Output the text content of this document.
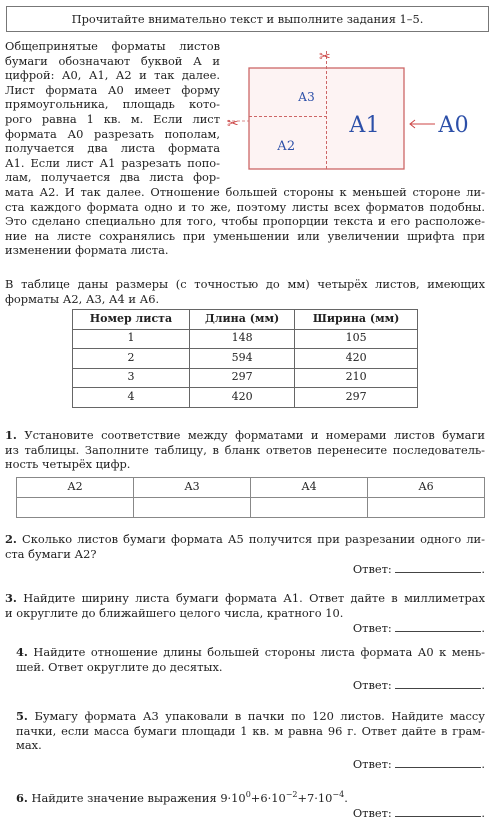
Прочитайте внимательно текст и выполните задания 1–5.
Общепринятые форматы листов
бумаги обозначают буквой А и
цифрой: А0, А1, А2 и так далее.
Лист формата А0 имеет форму
прямоугольника, площадь кото-
рого равна 1 кв. м. Если лист
формата А0 разрезать пополам,
получается два листа формата
А1. Если лист А1 разрезать попо-
лам, получается два листа фор-
мата А2. И так далее. Отношение большей стороны к меньшей стороне ли-
ста каждого формата одно и то же, поэтому листы всех форматов подобны.
Это сделано специально для того, чтобы пропорции текста и его расположе-
ние на листе сохранялись при уменьшении или увеличении шрифта при
изменении формата листа.
✂
✂
А3
А2
А1	А0
В таблице даны размеры (с точностью до мм) четырёх листов, имеющих
форматы А2, А3, А4 и А6.
Номер листа	Длина (мм)	Ширина (мм)
1	148	105
2	594	420
3	297	210
4	420	297
1. Установите соответствие между форматами и номерами листов бумаги
из таблицы. Заполните таблицу, в бланк ответов перенесите последователь-
ность четырёх цифр.
А2	А3	А4	А6

2. Сколько листов бумаги формата А5 получится при разрезании одного ли-
ста бумаги А2?
Ответ:	.
3. Найдите ширину листа бумаги формата А1. Ответ дайте в миллиметрах
и округлите до ближайшего целого числа, кратного 10.
Ответ:	.
4. Найдите отношение длины большей стороны листа формата А0 к мень-
шей. Ответ округлите до десятых.
Ответ:	.
5. Бумагу формата А3 упаковали в пачки по 120 листов. Найдите массу
пачки, если масса бумаги площади 1 кв. м равна 96 г. Ответ дайте в грам-
мах.
Ответ:	.
6. Найдите значение выражения $9\cdot 10^0+6\cdot 10^{-2}+7\cdot 10^{-4}$.
Ответ:	.
